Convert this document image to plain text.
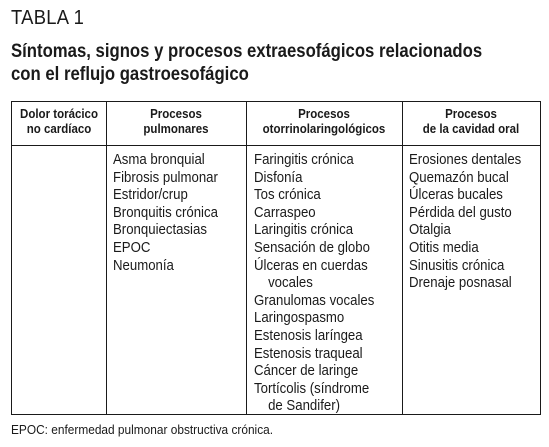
TABLA 1
Síntomas, signos y procesos extraesofágicos relacionados
con el reflujo gastroesofágico
Dolor torácico
no cardíaco
Procesos
pulmonares
Procesos
otorrinolaringológicos
Procesos
de la cavidad oral
Asma bronquial
Fibrosis pulmonar
Estridor/crup
Bronquitis crónica
Bronquiectasias
EPOC
Neumonía
Faringitis crónica
Disfonía
Tos crónica
Carraspeo
Laringitis crónica
Sensación de globo
Úlceras en cuerdas
vocales
Granulomas vocales
Laringospasmo
Estenosis laríngea
Estenosis traqueal
Cáncer de laringe
Tortícolis (síndrome
de Sandifer)
Erosiones dentales
Quemazón bucal
Úlceras bucales
Pérdida del gusto
Otalgia
Otitis media
Sinusitis crónica
Drenaje posnasal
EPOC: enfermedad pulmonar obstructiva crónica.
